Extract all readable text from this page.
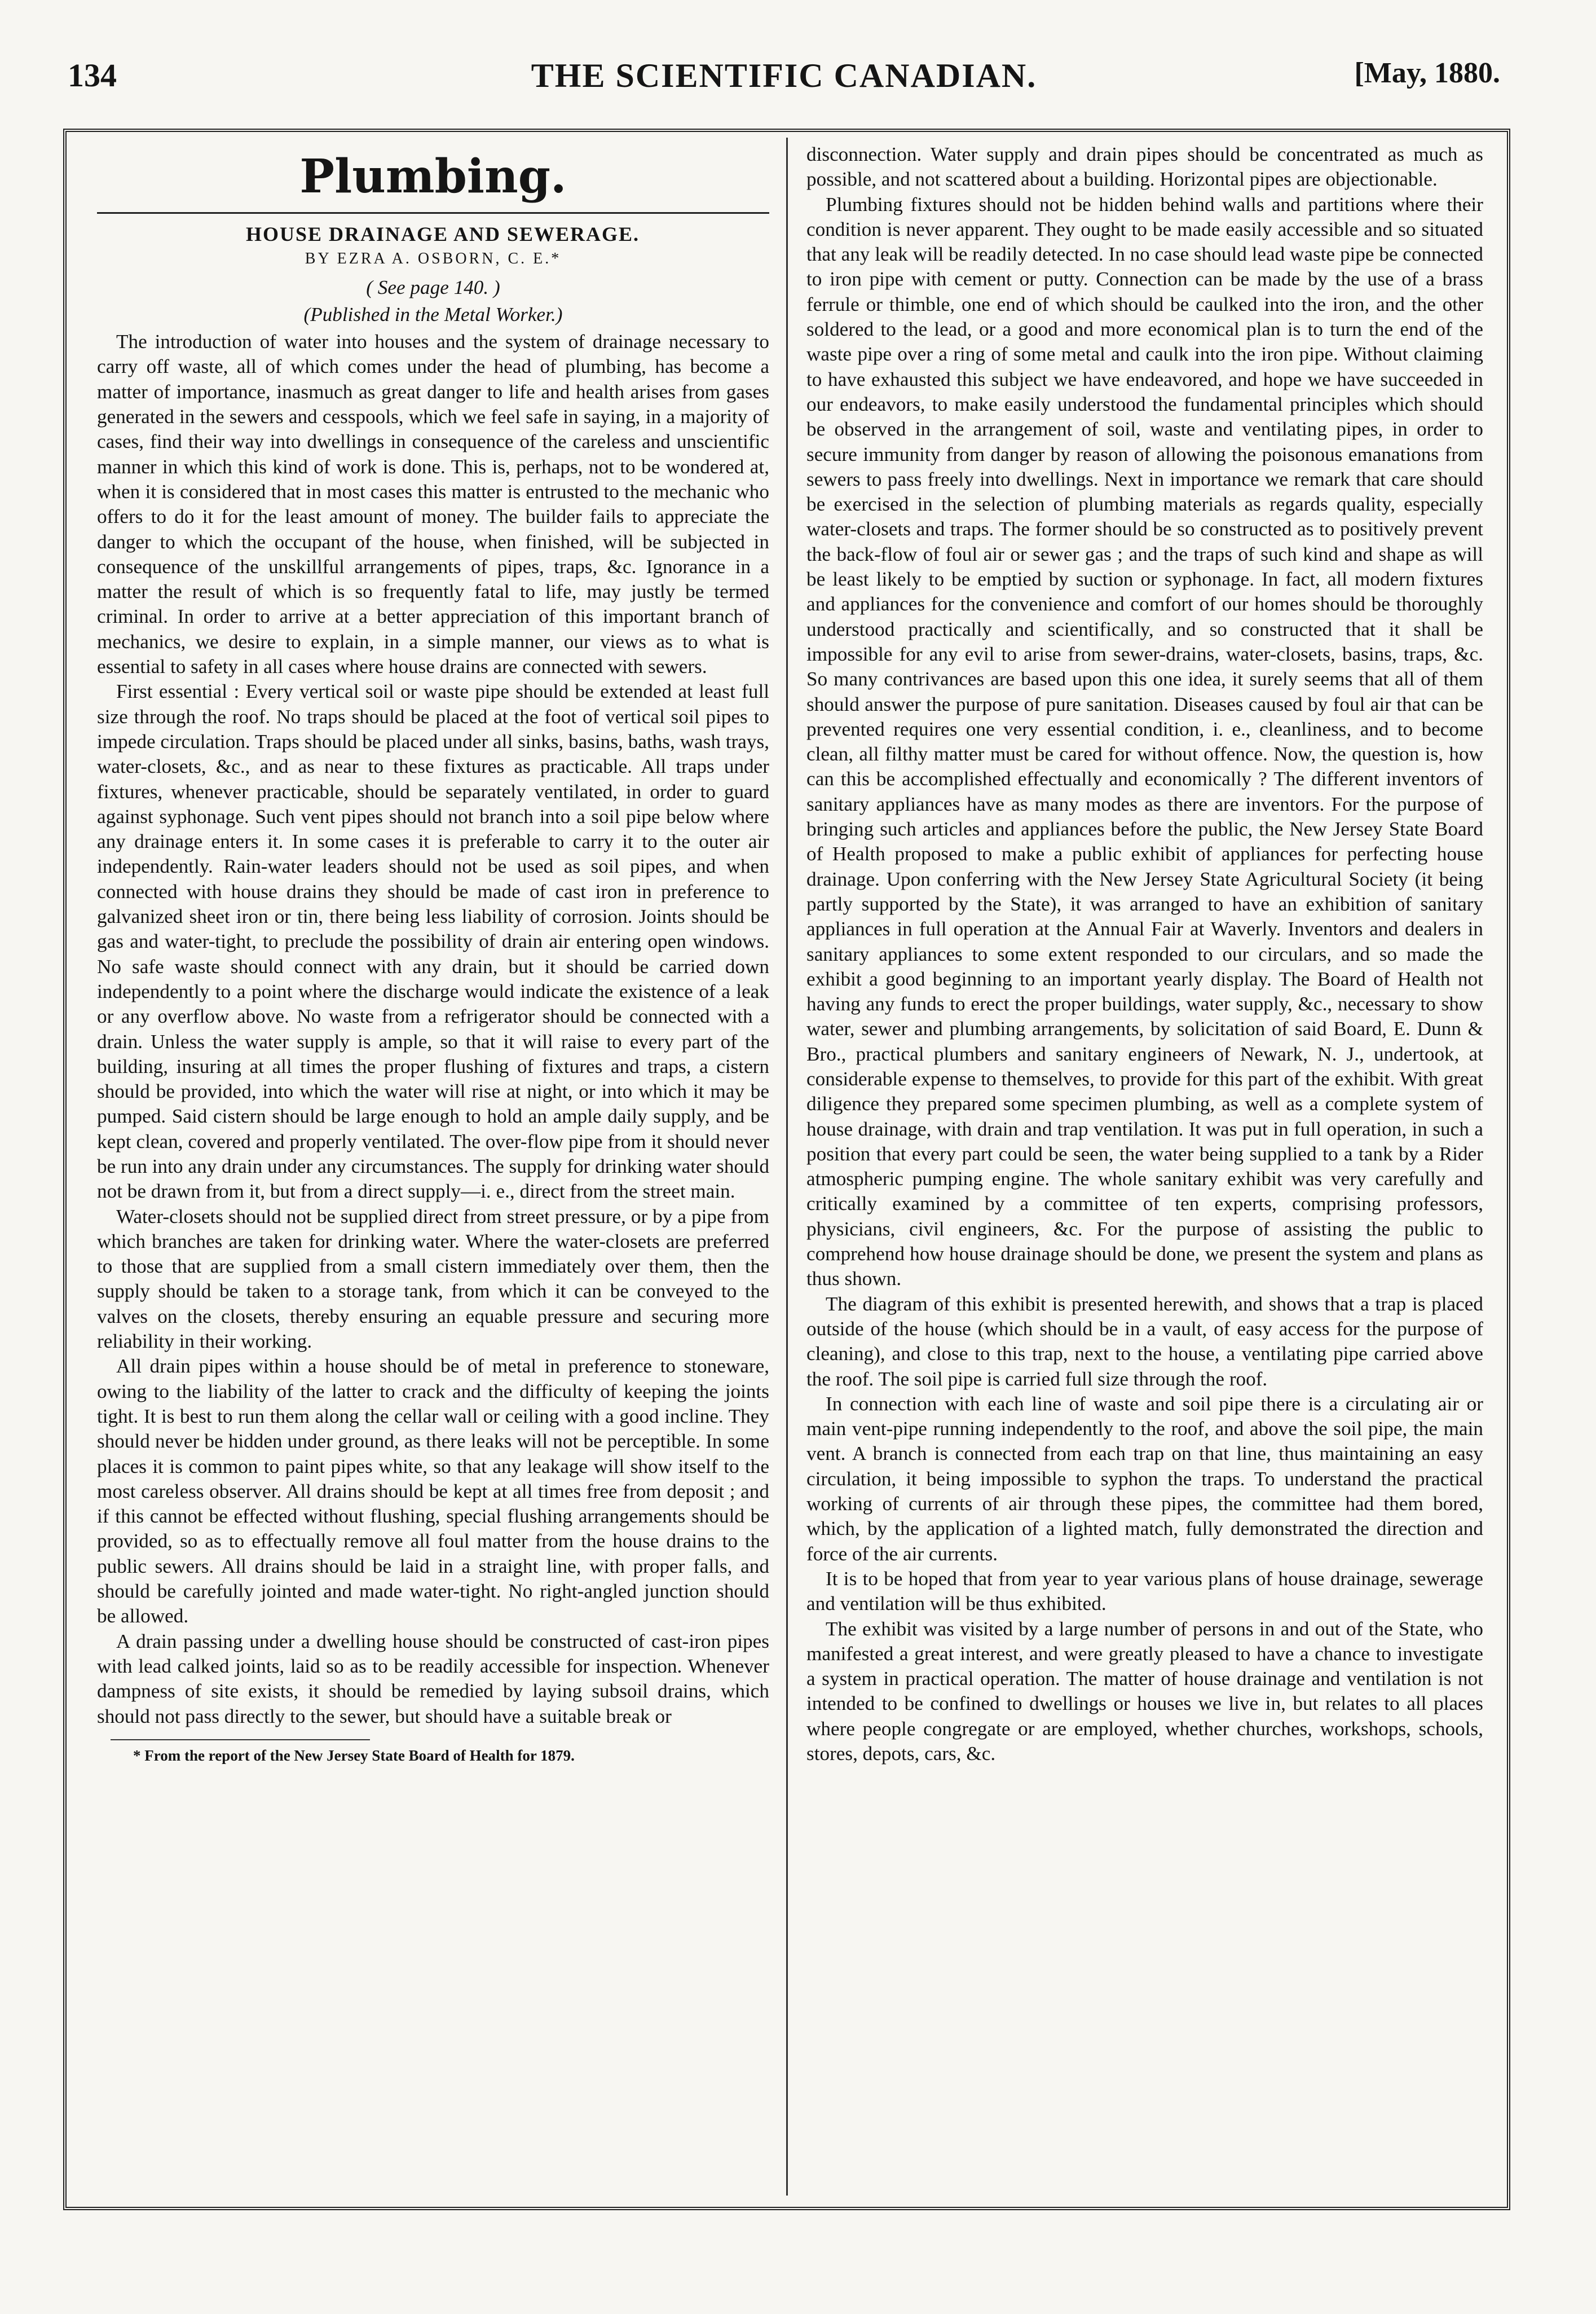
134	THE SCIENTIFIC CANADIAN.	[May, 1880.
Plumbing.

HOUSE DRAINAGE AND SEWERAGE.

BY EZRA A. OSBORN, C. E.*
( See page 140. )
(Published in the Metal Worker.)

The introduction of water into houses and the system of drainage necessary to carry off waste, all of which comes under the head of plumbing, has become a matter of importance, inasmuch as great danger to life and health arises from gases generated in the sewers and cesspools, which we feel safe in saying, in a majority of cases, find their way into dwellings in consequence of the careless and unscientific manner in which this kind of work is done. This is, perhaps, not to be wondered at, when it is considered that in most cases this matter is entrusted to the mechanic who offers to do it for the least amount of money. The builder fails to appreciate the danger to which the occupant of the house, when finished, will be subjected in consequence of the unskillful arrangements of pipes, traps, &c. Ignorance in a matter the result of which is so frequently fatal to life, may justly be termed criminal. In order to arrive at a better appreciation of this important branch of mechanics, we desire to explain, in a simple manner, our views as to what is essential to safety in all cases where house drains are connected with sewers.

First essential : Every vertical soil or waste pipe should be extended at least full size through the roof. No traps should be placed at the foot of vertical soil pipes to impede circulation. Traps should be placed under all sinks, basins, baths, wash trays, water-closets, &c., and as near to these fixtures as practicable. All traps under fixtures, whenever practicable, should be separately ventilated, in order to guard against syphonage. Such vent pipes should not branch into a soil pipe below where any drainage enters it. In some cases it is preferable to carry it to the outer air independently. Rain-water leaders should not be used as soil pipes, and when connected with house drains they should be made of cast iron in preference to galvanized sheet iron or tin, there being less liability of corrosion. Joints should be gas and water-tight, to preclude the possibility of drain air entering open windows. No safe waste should connect with any drain, but it should be carried down independently to a point where the discharge would indicate the existence of a leak or any overflow above. No waste from a refrigerator should be connected with a drain. Unless the water supply is ample, so that it will raise to every part of the building, insuring at all times the proper flushing of fixtures and traps, a cistern should be provided, into which the water will rise at night, or into which it may be pumped. Said cistern should be large enough to hold an ample daily supply, and be kept clean, covered and properly ventilated. The over-flow pipe from it should never be run into any drain under any circumstances. The supply for drinking water should not be drawn from it, but from a direct supply—i. e., direct from the street main.

Water-closets should not be supplied direct from street pressure, or by a pipe from which branches are taken for drinking water. Where the water-closets are preferred to those that are supplied from a small cistern immediately over them, then the supply should be taken to a storage tank, from which it can be conveyed to the valves on the closets, thereby ensuring an equable pressure and securing more reliability in their working.

All drain pipes within a house should be of metal in preference to stoneware, owing to the liability of the latter to crack and the difficulty of keeping the joints tight. It is best to run them along the cellar wall or ceiling with a good incline. They should never be hidden under ground, as there leaks will not be perceptible. In some places it is common to paint pipes white, so that any leakage will show itself to the most careless observer. All drains should be kept at all times free from deposit ; and if this cannot be effected without flushing, special flushing arrangements should be provided, so as to effectually remove all foul matter from the house drains to the public sewers. All drains should be laid in a straight line, with proper falls, and should be carefully jointed and made water-tight. No right-angled junction should be allowed.

A drain passing under a dwelling house should be constructed of cast-iron pipes with lead calked joints, laid so as to be readily accessible for inspection. Whenever dampness of site exists, it should be remedied by laying subsoil drains, which should not pass directly to the sewer, but should have a suitable break or

* From the report of the New Jersey State Board of Health for 1879.

disconnection. Water supply and drain pipes should be concentrated as much as possible, and not scattered about a building. Horizontal pipes are objectionable.

Plumbing fixtures should not be hidden behind walls and partitions where their condition is never apparent. They ought to be made easily accessible and so situated that any leak will be readily detected. In no case should lead waste pipe be connected to iron pipe with cement or putty. Connection can be made by the use of a brass ferrule or thimble, one end of which should be caulked into the iron, and the other soldered to the lead, or a good and more economical plan is to turn the end of the waste pipe over a ring of some metal and caulk into the iron pipe. Without claiming to have exhausted this subject we have endeavored, and hope we have succeeded in our endeavors, to make easily understood the fundamental principles which should be observed in the arrangement of soil, waste and ventilating pipes, in order to secure immunity from danger by reason of allowing the poisonous emanations from sewers to pass freely into dwellings. Next in importance we remark that care should be exercised in the selection of plumbing materials as regards quality, especially water-closets and traps. The former should be so constructed as to positively prevent the back-flow of foul air or sewer gas ; and the traps of such kind and shape as will be least likely to be emptied by suction or syphonage. In fact, all modern fixtures and appliances for the convenience and comfort of our homes should be thoroughly understood practically and scientifically, and so constructed that it shall be impossible for any evil to arise from sewer-drains, water-closets, basins, traps, &c. So many contrivances are based upon this one idea, it surely seems that all of them should answer the purpose of pure sanitation. Diseases caused by foul air that can be prevented requires one very essential condition, i. e., cleanliness, and to become clean, all filthy matter must be cared for without offence. Now, the question is, how can this be accomplished effectually and economically ? The different inventors of sanitary appliances have as many modes as there are inventors. For the purpose of bringing such articles and appliances before the public, the New Jersey State Board of Health proposed to make a public exhibit of appliances for perfecting house drainage. Upon conferring with the New Jersey State Agricultural Society (it being partly supported by the State), it was arranged to have an exhibition of sanitary appliances in full operation at the Annual Fair at Waverly. Inventors and dealers in sanitary appliances to some extent responded to our circulars, and so made the exhibit a good beginning to an important yearly display. The Board of Health not having any funds to erect the proper buildings, water supply, &c., necessary to show water, sewer and plumbing arrangements, by solicitation of said Board, E. Dunn & Bro., practical plumbers and sanitary engineers of Newark, N. J., undertook, at considerable expense to themselves, to provide for this part of the exhibit. With great diligence they prepared some specimen plumbing, as well as a complete system of house drainage, with drain and trap ventilation. It was put in full operation, in such a position that every part could be seen, the water being supplied to a tank by a Rider atmospheric pumping engine. The whole sanitary exhibit was very carefully and critically examined by a committee of ten experts, comprising professors, physicians, civil engineers, &c. For the purpose of assisting the public to comprehend how house drainage should be done, we present the system and plans as thus shown.

The diagram of this exhibit is presented herewith, and shows that a trap is placed outside of the house (which should be in a vault, of easy access for the purpose of cleaning), and close to this trap, next to the house, a ventilating pipe carried above the roof. The soil pipe is carried full size through the roof.

In connection with each line of waste and soil pipe there is a circulating air or main vent-pipe running independently to the roof, and above the soil pipe, the main vent. A branch is connected from each trap on that line, thus maintaining an easy circulation, it being impossible to syphon the traps. To understand the practical working of currents of air through these pipes, the committee had them bored, which, by the application of a lighted match, fully demonstrated the direction and force of the air currents.

It is to be hoped that from year to year various plans of house drainage, sewerage and ventilation will be thus exhibited.

The exhibit was visited by a large number of persons in and out of the State, who manifested a great interest, and were greatly pleased to have a chance to investigate a system in practical operation. The matter of house drainage and ventilation is not intended to be confined to dwellings or houses we live in, but relates to all places where people congregate or are employed, whether churches, workshops, schools, stores, depots, cars, &c.
